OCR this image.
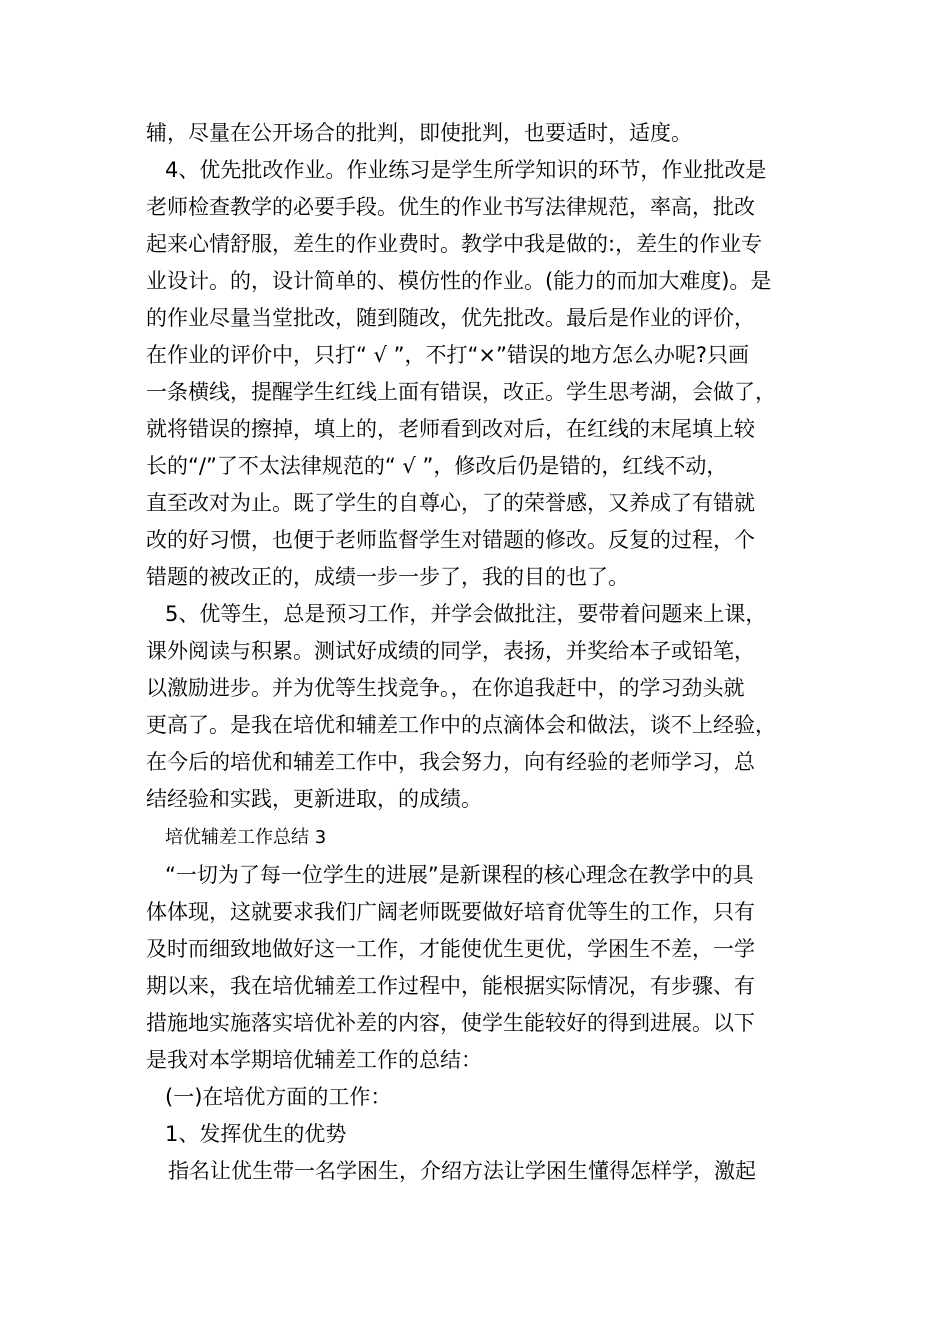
辅，尽量在公开场合的批判，即使批判，也要适时，适度。
4、优先批改作业。作业练习是学生所学知识的环节，作业批改是
老师检查教学的必要手段。优生的作业书写法律规范，率高，批改
起来心情舒服，差生的作业费时。教学中我是做的:，差生的作业专
业设计。的，设计简单的、模仿性的作业。(能力的而加大难度)。是
的作业尽量当堂批改，随到随改，优先批改。最后是作业的评价，
在作业的评价中，只打“ √ ”，不打“×”错误的地方怎么办呢?只画
一条横线，提醒学生红线上面有错误，改正。学生思考湖，会做了，
就将错误的擦掉，填上的，老师看到改对后，在红线的末尾填上较
长的“/”了不太法律规范的“ √ ”，修改后仍是错的，红线不动，
直至改对为止。既了学生的自尊心，了的荣誉感，又养成了有错就
改的好习惯，也便于老师监督学生对错题的修改。反复的过程，个
错题的被改正的，成绩一步一步了，我的目的也了。
5、优等生，总是预习工作，并学会做批注，要带着问题来上课，
课外阅读与积累。测试好成绩的同学，表扬，并奖给本子或铅笔，
以激励进步。并为优等生找竞争。，在你追我赶中，的学习劲头就
更高了。是我在培优和辅差工作中的点滴体会和做法，谈不上经验，
在今后的培优和辅差工作中，我会努力，向有经验的老师学习，总
结经验和实践，更新进取，的成绩。
培优辅差工作总结 3
“一切为了每一位学生的进展”是新课程的核心理念在教学中的具
体体现，这就要求我们广阔老师既要做好培育优等生的工作，只有
及时而细致地做好这一工作，才能使优生更优，学困生不差，一学
期以来，我在培优辅差工作过程中，能根据实际情况，有步骤、有
措施地实施落实培优补差的内容，使学生能较好的得到进展。以下
是我对本学期培优辅差工作的总结：
(一)在培优方面的工作：
1、发挥优生的优势
指名让优生带一名学困生，介绍方法让学困生懂得怎样学，激起
